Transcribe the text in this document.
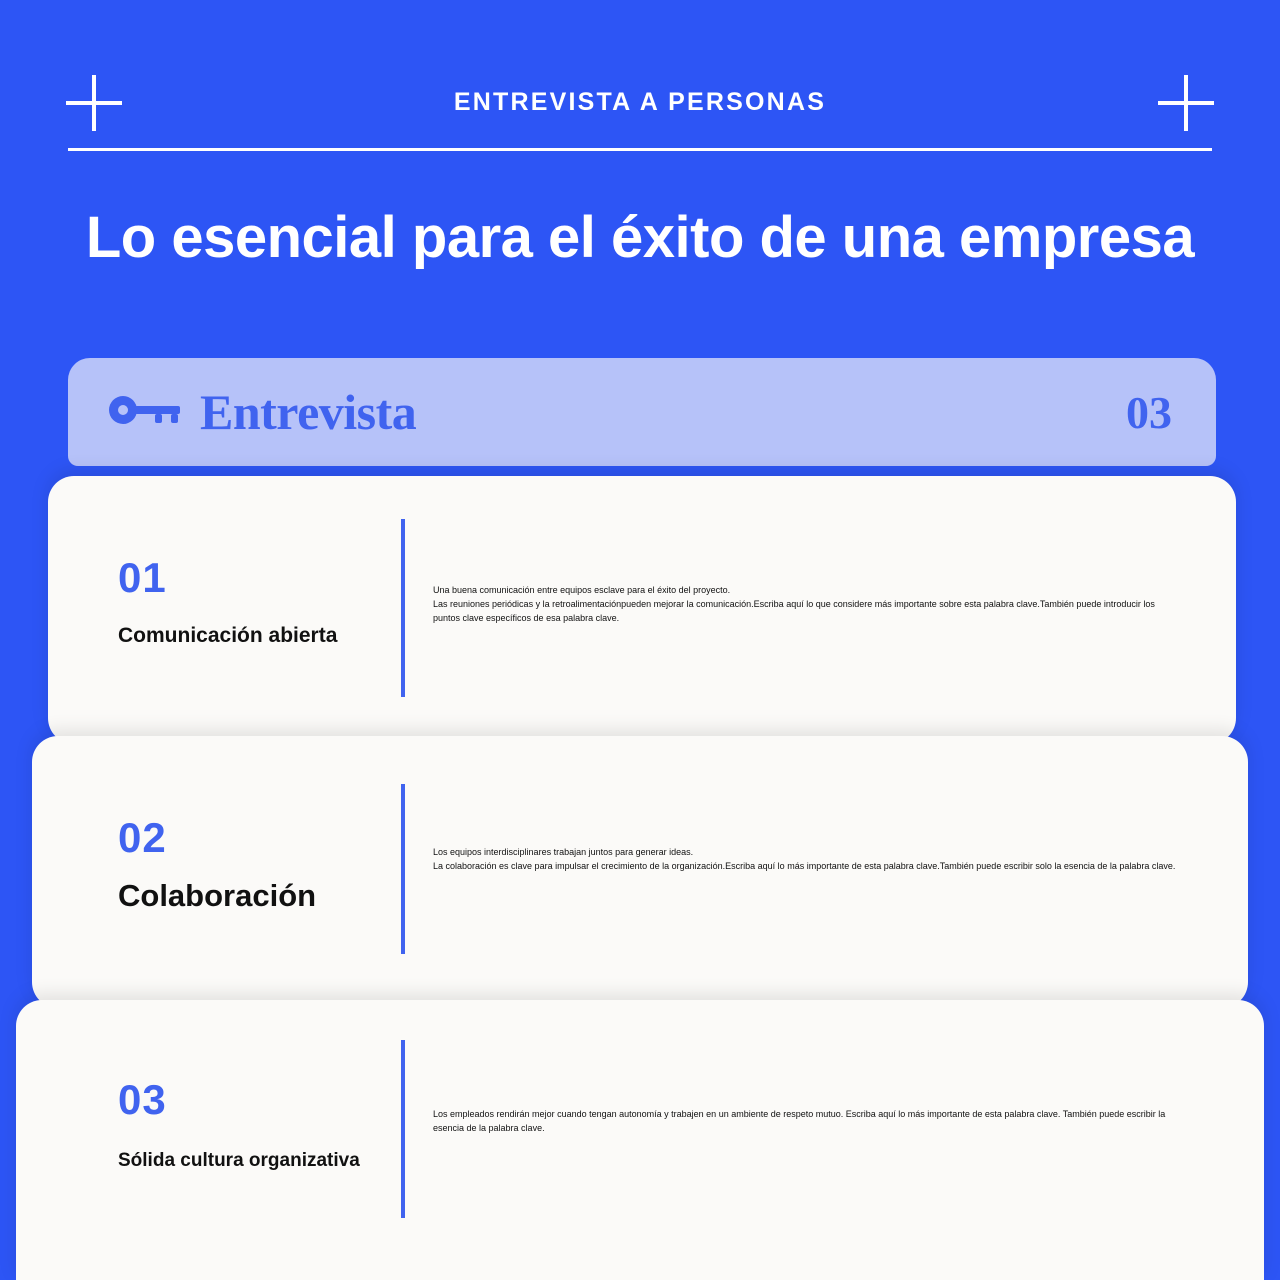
ENTREVISTA A PERSONAS
Lo esencial para el éxito de una empresa
Entrevista	03
01
Comunicación abierta
Una buena comunicación entre equipos esclave para el éxito del proyecto.
Las reuniones periódicas y la retroalimentaciónpueden mejorar la comunicación.Escriba aquí lo que considere más importante sobre esta palabra clave.También puede introducir los puntos clave específicos de esa palabra clave.
02
Colaboración
Los equipos interdisciplinares trabajan juntos para generar ideas.
La colaboración es clave para impulsar el crecimiento de la organización.Escriba aquí lo más importante de esta palabra clave.También puede escribir solo la esencia de la palabra clave.
03
Sólida cultura organizativa
Los empleados rendirán mejor cuando tengan autonomía y trabajen en un ambiente de respeto mutuo. Escriba aquí lo más importante de esta palabra clave. También puede escribir la esencia de la palabra clave.
